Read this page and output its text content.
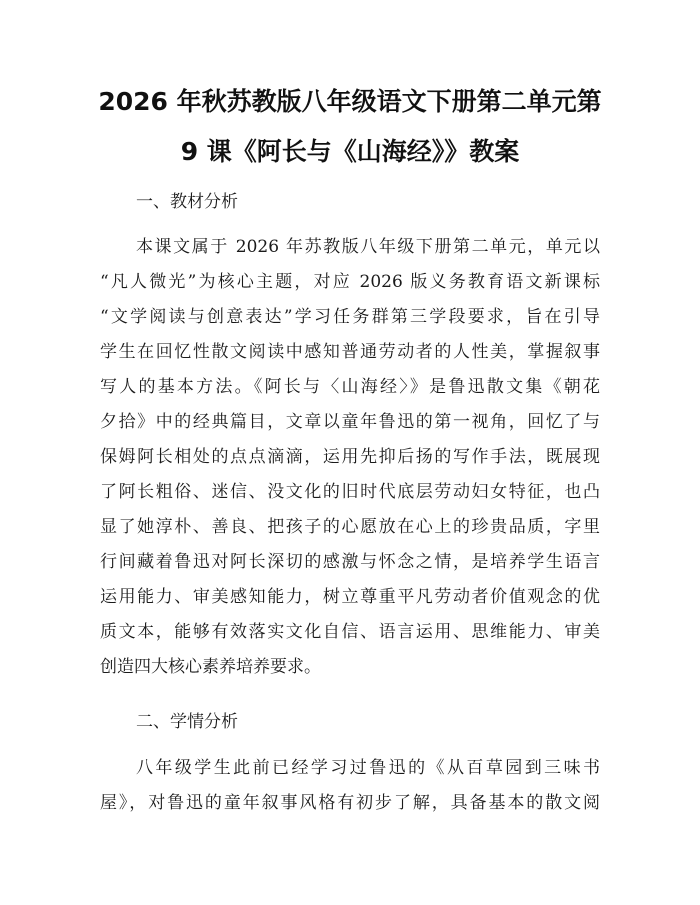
2026 年秋苏教版八年级语文下册第二单元第
9 课《阿长与《山海经》》教案
一、教材分析
本课文属于 2026 年苏教版八年级下册第二单元，单元以
“凡人微光”为核心主题，对应 2026 版义务教育语文新课标
“文学阅读与创意表达”学习任务群第三学段要求，旨在引导
学生在回忆性散文阅读中感知普通劳动者的人性美，掌握叙事
写人的基本方法。《阿长与〈山海经〉》是鲁迅散文集《朝花
夕拾》中的经典篇目，文章以童年鲁迅的第一视角，回忆了与
保姆阿长相处的点点滴滴，运用先抑后扬的写作手法，既展现
了阿长粗俗、迷信、没文化的旧时代底层劳动妇女特征，也凸
显了她淳朴、善良、把孩子的心愿放在心上的珍贵品质，字里
行间藏着鲁迅对阿长深切的感激与怀念之情，是培养学生语言
运用能力、审美感知能力，树立尊重平凡劳动者价值观念的优
质文本，能够有效落实文化自信、语言运用、思维能力、审美
创造四大核心素养培养要求。
二、学情分析
八年级学生此前已经学习过鲁迅的《从百草园到三味书
屋》，对鲁迅的童年叙事风格有初步了解，具备基本的散文阅
